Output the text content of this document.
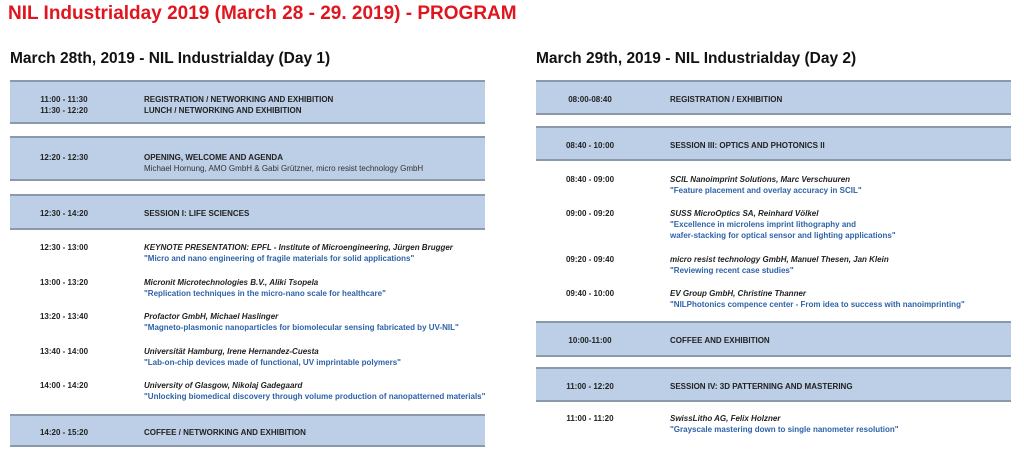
NIL Industrialday 2019 (March 28 - 29. 2019) - PROGRAM
March 28th, 2019 - NIL Industrialday (Day 1)
11:00 - 11:30	REGISTRATION / NETWORKING AND EXHIBITION
11:30 - 12:20	LUNCH / NETWORKING AND EXHIBITION
12:20 - 12:30	OPENING, WELCOME AND AGENDA
Michael Hornung, AMO GmbH & Gabi Grützner, micro resist technology GmbH
12:30 - 14:20	SESSION I: LIFE SCIENCES
12:30 - 13:00	KEYNOTE PRESENTATION: EPFL - Institute of Microengineering, Jürgen Brugger
"Micro and nano engineering of fragile materials for solid applications"
13:00 - 13:20	Micronit Microtechnologies B.V., Aliki Tsopela
"Replication techniques in the micro-nano scale for healthcare"
13:20 - 13:40	Profactor GmbH, Michael Haslinger
"Magneto-plasmonic nanoparticles for biomolecular sensing fabricated by UV-NIL"
13:40 - 14:00	Universität Hamburg, Irene Hernandez-Cuesta
"Lab-on-chip devices made of functional, UV imprintable polymers"
14:00 - 14:20	University of Glasgow, Nikolaj Gadegaard
"Unlocking biomedical discovery through volume production of nanopatterned materials"
14:20 - 15:20	COFFEE / NETWORKING AND EXHIBITION
March 29th, 2019 - NIL Industrialday (Day 2)
08:00-08:40	REGISTRATION / EXHIBITION
08:40 - 10:00	SESSION III: OPTICS AND PHOTONICS II
08:40 - 09:00	SCIL Nanoimprint Solutions, Marc Verschuuren
"Feature placement and overlay accuracy in SCIL"
09:00 - 09:20	SUSS MicroOptics SA, Reinhard Völkel
"Excellence in microlens imprint lithography and
wafer-stacking for optical sensor and lighting applications"
09:20 - 09:40	micro resist technology GmbH, Manuel Thesen, Jan Klein
"Reviewing recent case studies"
09:40 - 10:00	EV Group GmbH, Christine Thanner
"NILPhotonics compence center - From idea to success with nanoimprinting"
10:00-11:00	COFFEE AND EXHIBITION
11:00 - 12:20	SESSION IV: 3D PATTERNING AND MASTERING
11:00 - 11:20	SwissLitho AG, Felix Holzner
"Grayscale mastering down to single nanometer resolution"
